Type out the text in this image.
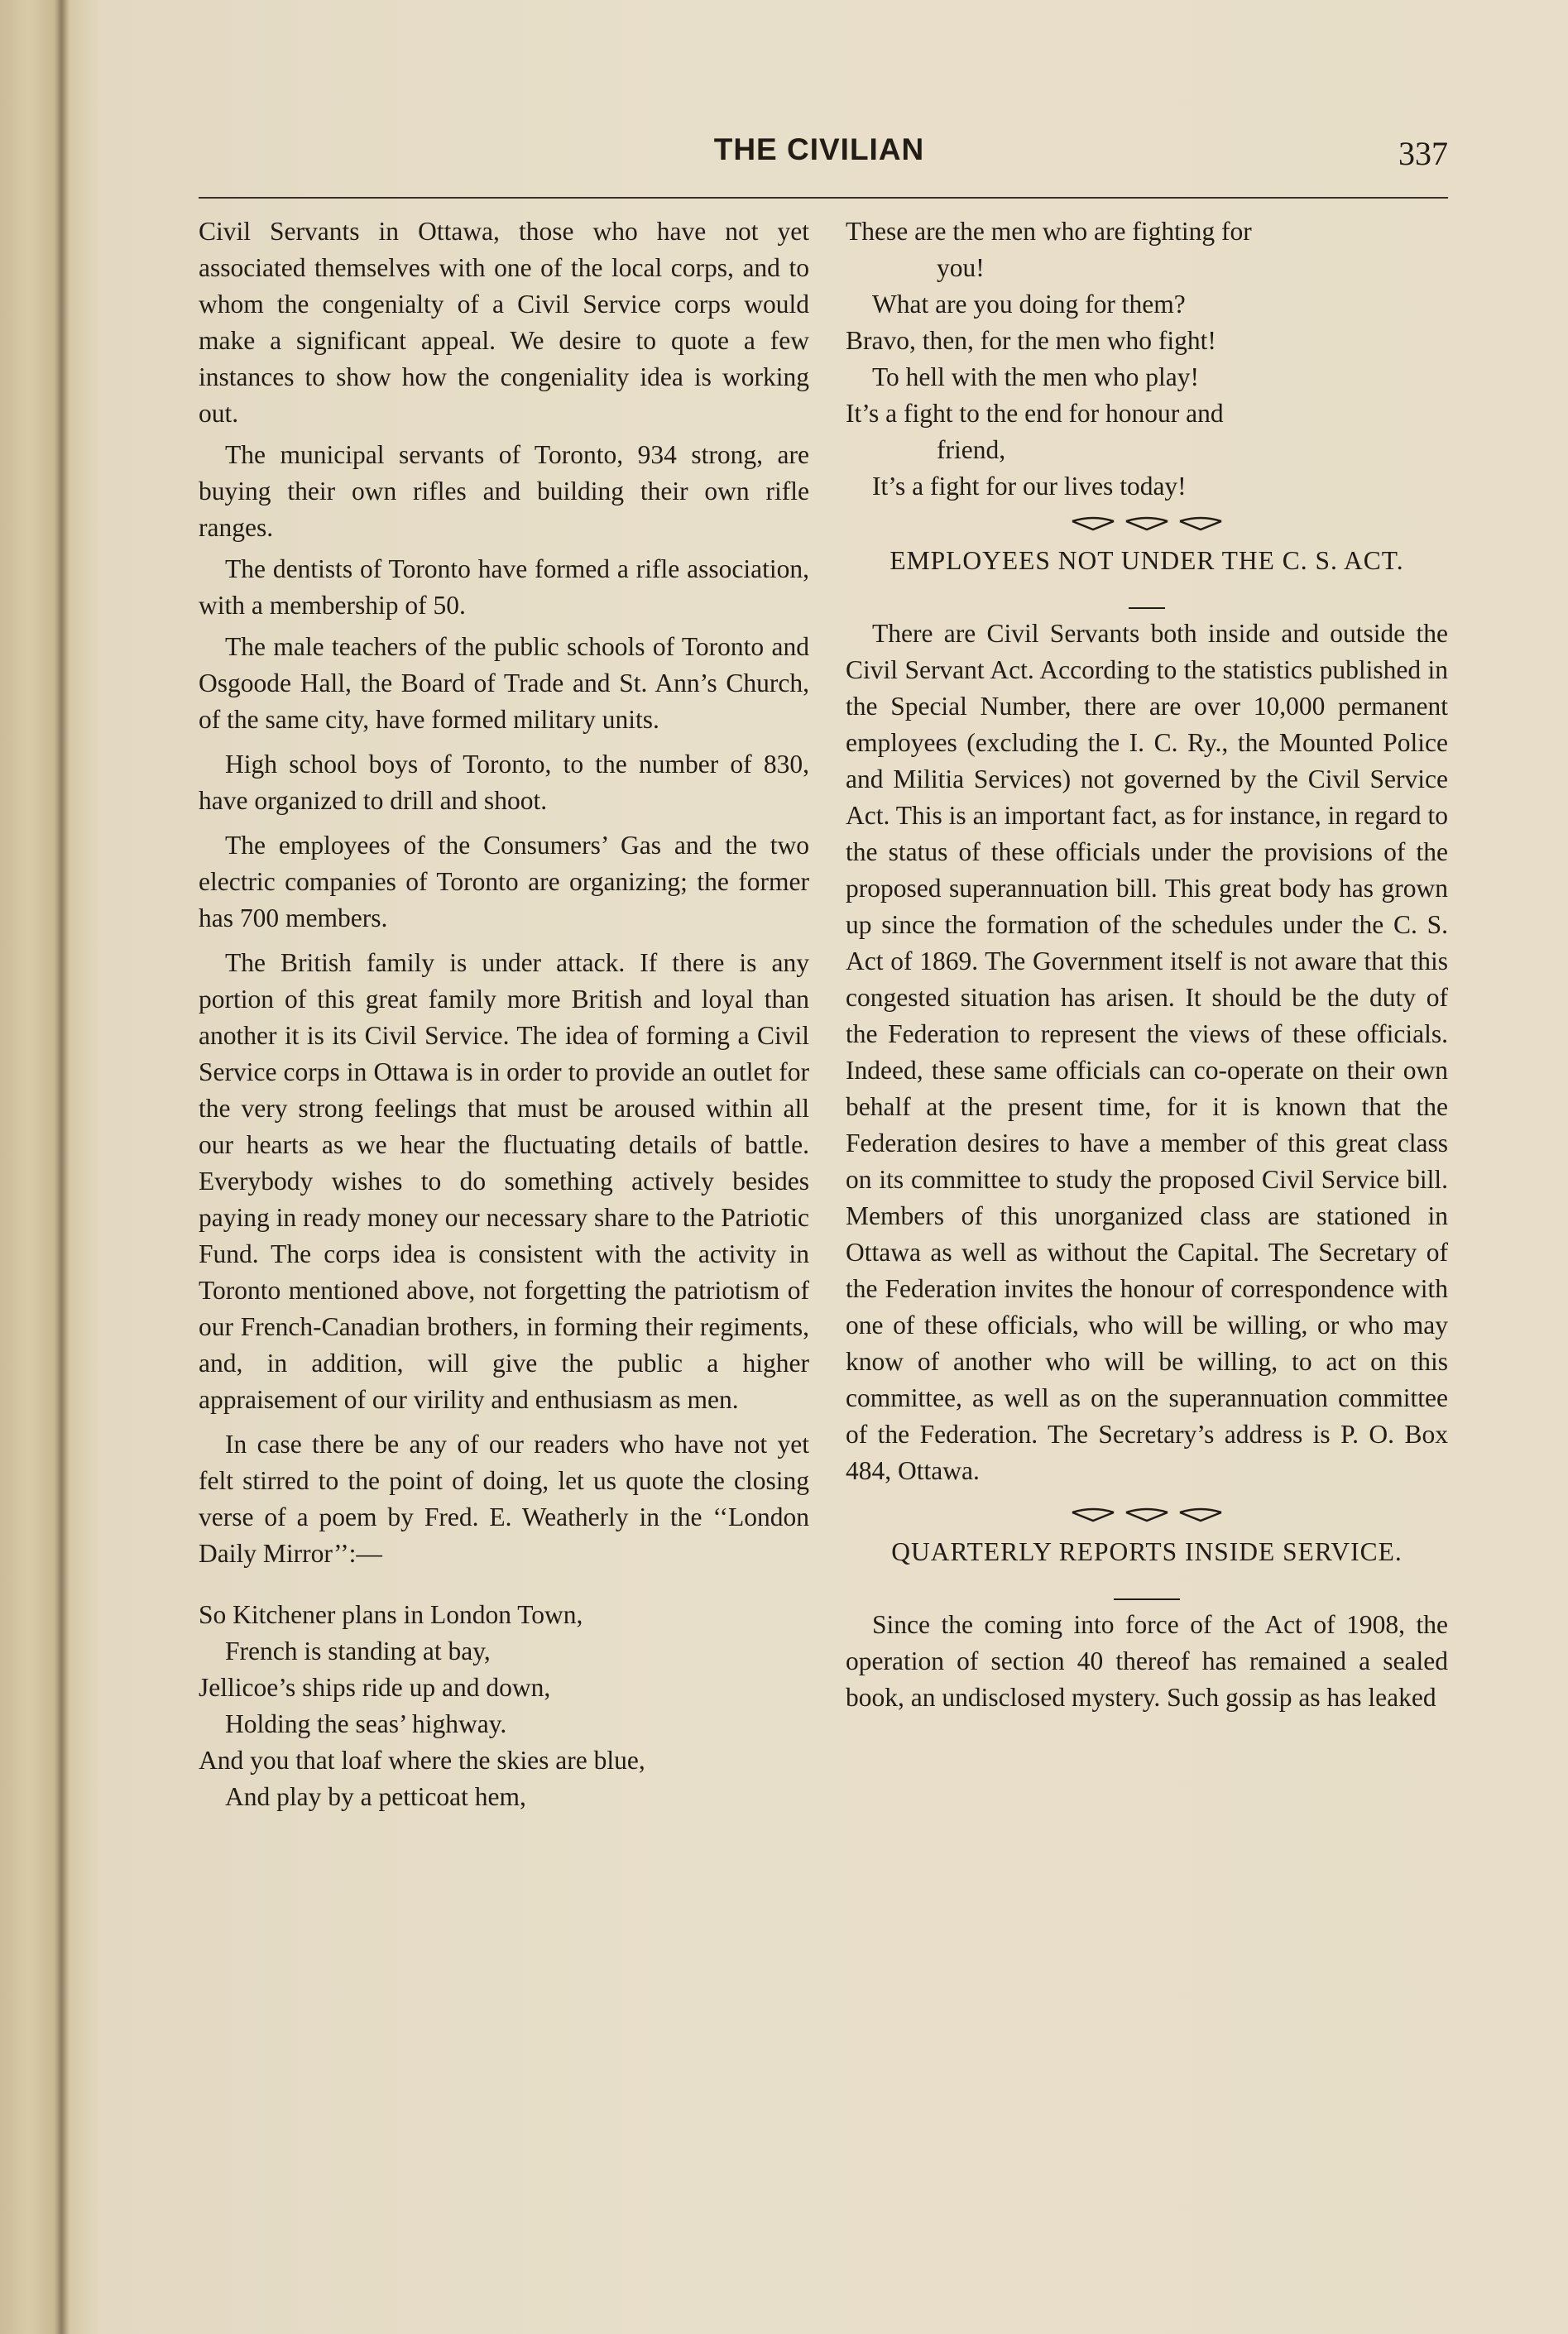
THE CIVILIAN	337

Civil Servants in Ottawa, those who have not yet associated themselves with one of the local corps, and to whom the congenialty of a Civil Service corps would make a significant appeal. We desire to quote a few instances to show how the congeniality idea is working out.

The municipal servants of Toronto, 934 strong, are buying their own rifles and building their own rifle ranges.

The dentists of Toronto have formed a rifle association, with a membership of 50.

The male teachers of the public schools of Toronto and Osgoode Hall, the Board of Trade and St. Ann’s Church, of the same city, have formed military units.

High school boys of Toronto, to the number of 830, have organized to drill and shoot.

The employees of the Consumers’ Gas and the two electric companies of Toronto are organizing; the former has 700 members.

The British family is under attack. If there is any portion of this great family more British and loyal than another it is its Civil Service. The idea of forming a Civil Service corps in Ottawa is in order to provide an outlet for the very strong feelings that must be aroused within all our hearts as we hear the fluctuating details of battle. Everybody wishes to do something actively besides paying in ready money our necessary share to the Patriotic Fund. The corps idea is consistent with the activity in Toronto mentioned above, not forgetting the patriotism of our French-Canadian brothers, in forming their regiments, and, in addition, will give the public a higher appraisement of our virility and enthusiasm as men.

In case there be any of our readers who have not yet felt stirred to the point of doing, let us quote the closing verse of a poem by Fred. E. Weatherly in the ‘‘London Daily Mirror’’:—

So Kitchener plans in London Town,
French is standing at bay,
Jellicoe’s ships ride up and down,
Holding the seas’ highway.
And you that loaf where the skies are blue,
And play by a petticoat hem,
These are the men who are fighting for
you!
What are you doing for them?
Bravo, then, for the men who fight!
To hell with the men who play!
It’s a fight to the end for honour and
friend,
It’s a fight for our lives today!
EMPLOYEES NOT UNDER THE C. S. ACT.

There are Civil Servants both inside and outside the Civil Servant Act. According to the statistics published in the Special Number, there are over 10,000 permanent employees (excluding the I. C. Ry., the Mounted Police and Militia Services) not governed by the Civil Service Act. This is an important fact, as for instance, in regard to the status of these officials under the provisions of the proposed superannuation bill. This great body has grown up since the formation of the schedules under the C. S. Act of 1869. The Government itself is not aware that this congested situation has arisen. It should be the duty of the Federation to represent the views of these officials. Indeed, these same officials can co-operate on their own behalf at the present time, for it is known that the Federation desires to have a member of this great class on its committee to study the proposed Civil Service bill. Members of this unorganized class are stationed in Ottawa as well as without the Capital. The Secretary of the Federation invites the honour of correspondence with one of these officials, who will be willing, or who may know of another who will be willing, to act on this committee, as well as on the superannuation committee of the Federation. The Secretary’s address is P. O. Box 484, Ottawa.

QUARTERLY REPORTS INSIDE SERVICE.

Since the coming into force of the Act of 1908, the operation of section 40 thereof has remained a sealed book, an undisclosed mystery. Such gossip as has leaked
